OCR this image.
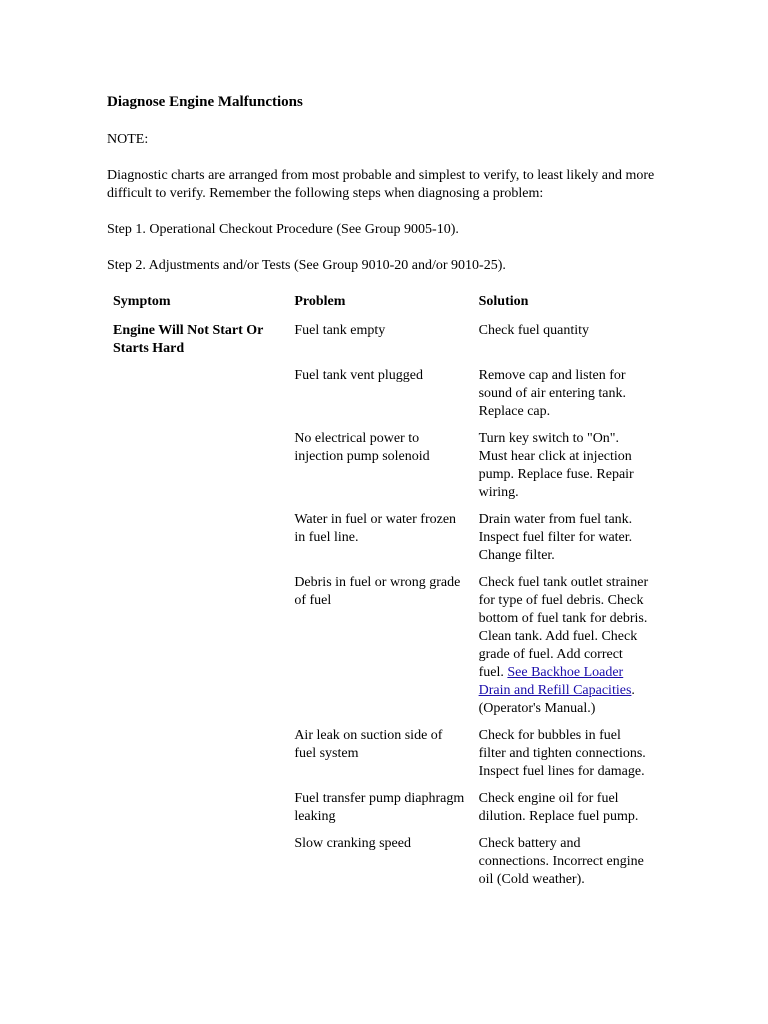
Diagnose Engine Malfunctions
NOTE:
Diagnostic charts are arranged from most probable and simplest to verify, to least likely and more difficult to verify. Remember the following steps when diagnosing a problem:
Step 1. Operational Checkout Procedure (See Group 9005-10).
Step 2. Adjustments and/or Tests (See Group 9010-20 and/or 9010-25).
Symptom	Problem	Solution
Engine Will Not Start Or Starts Hard	Fuel tank empty	Check fuel quantity
	Fuel tank vent plugged	Remove cap and listen for sound of air entering tank. Replace cap.
	No electrical power to injection pump solenoid	Turn key switch to "On". Must hear click at injection pump. Replace fuse. Repair wiring.
	Water in fuel or water frozen in fuel line.	Drain water from fuel tank. Inspect fuel filter for water. Change filter.
	Debris in fuel or wrong grade of fuel	Check fuel tank outlet strainer for type of fuel debris. Check bottom of fuel tank for debris. Clean tank. Add fuel. Check grade of fuel. Add correct fuel. See Backhoe Loader Drain and Refill Capacities. (Operator's Manual.)
	Air leak on suction side of fuel system	Check for bubbles in fuel filter and tighten connections. Inspect fuel lines for damage.
	Fuel transfer pump diaphragm leaking	Check engine oil for fuel dilution. Replace fuel pump.
	Slow cranking speed	Check battery and connections. Incorrect engine oil (Cold weather).
